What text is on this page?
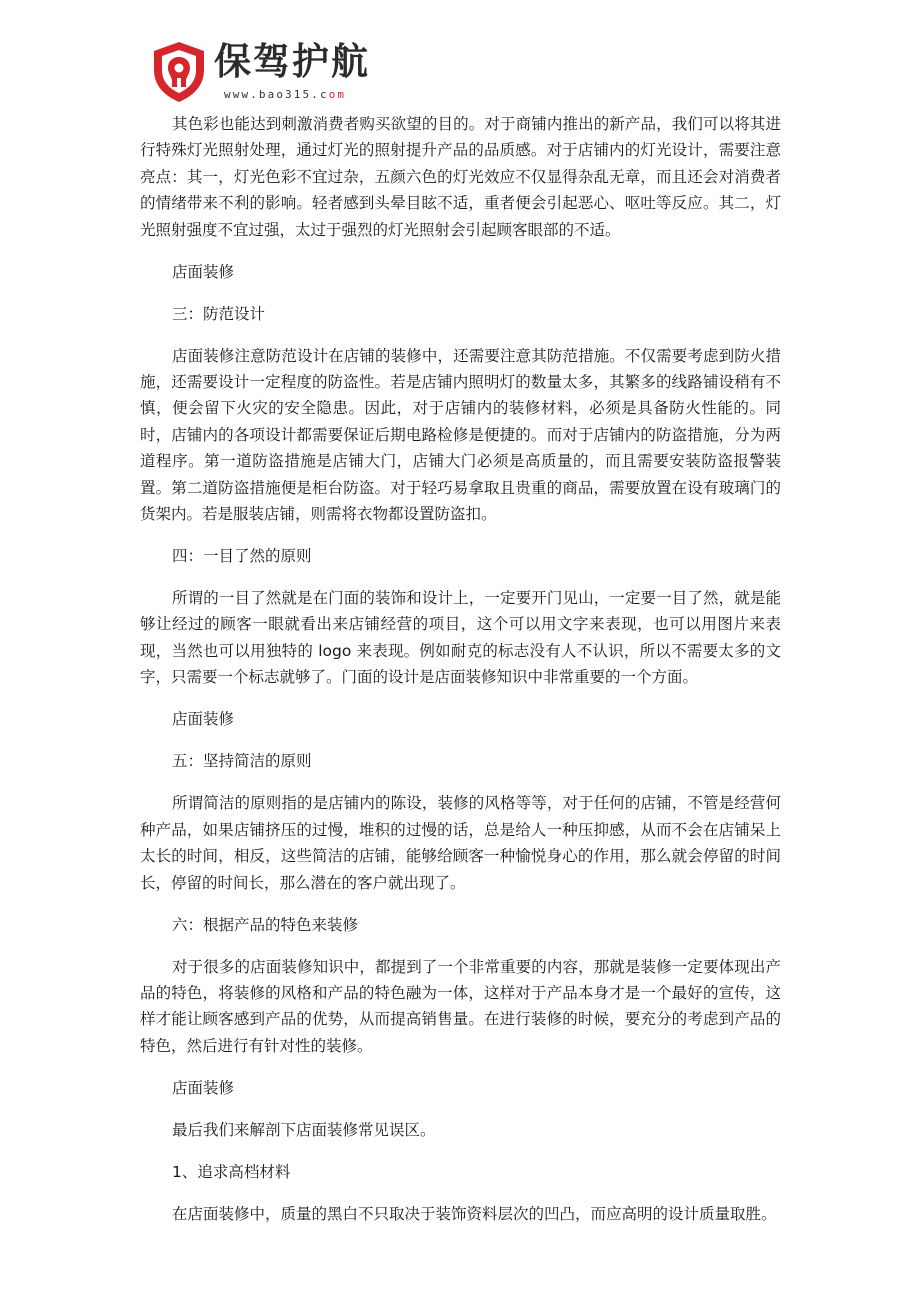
保驾护航
www.bao315.com

其色彩也能达到刺激消费者购买欲望的目的。对于商铺内推出的新产品，我们可以将其进行特殊灯光照射处理，通过灯光的照射提升产品的品质感。对于店铺内的灯光设计，需要注意亮点：其一，灯光色彩不宜过杂，五颜六色的灯光效应不仅显得杂乱无章，而且还会对消费者的情绪带来不利的影响。轻者感到头晕目眩不适，重者便会引起恶心、呕吐等反应。其二，灯光照射强度不宜过强，太过于强烈的灯光照射会引起顾客眼部的不适。

店面装修

三：防范设计

店面装修注意防范设计在店铺的装修中，还需要注意其防范措施。不仅需要考虑到防火措施，还需要设计一定程度的防盗性。若是店铺内照明灯的数量太多，其繁多的线路铺设稍有不慎，便会留下火灾的安全隐患。因此，对于店铺内的装修材料，必须是具备防火性能的。同时，店铺内的各项设计都需要保证后期电路检修是便捷的。而对于店铺内的防盗措施，分为两道程序。第一道防盗措施是店铺大门，店铺大门必须是高质量的，而且需要安装防盗报警装置。第二道防盗措施便是柜台防盗。对于轻巧易拿取且贵重的商品，需要放置在设有玻璃门的货架内。若是服装店铺，则需将衣物都设置防盗扣。

四：一目了然的原则

所谓的一目了然就是在门面的装饰和设计上，一定要开门见山，一定要一目了然，就是能够让经过的顾客一眼就看出来店铺经营的项目，这个可以用文字来表现，也可以用图片来表现，当然也可以用独特的 logo 来表现。例如耐克的标志没有人不认识，所以不需要太多的文字，只需要一个标志就够了。门面的设计是店面装修知识中非常重要的一个方面。

店面装修

五：坚持简洁的原则

所谓简洁的原则指的是店铺内的陈设，装修的风格等等，对于任何的店铺，不管是经营何种产品，如果店铺挤压的过慢，堆积的过慢的话，总是给人一种压抑感，从而不会在店铺呆上太长的时间，相反，这些简洁的店铺，能够给顾客一种愉悦身心的作用，那么就会停留的时间长，停留的时间长，那么潜在的客户就出现了。

六：根据产品的特色来装修

对于很多的店面装修知识中，都提到了一个非常重要的内容，那就是装修一定要体现出产品的特色，将装修的风格和产品的特色融为一体，这样对于产品本身才是一个最好的宣传，这样才能让顾客感到产品的优势，从而提高销售量。在进行装修的时候，要充分的考虑到产品的特色，然后进行有针对性的装修。

店面装修

最后我们来解剖下店面装修常见误区。

1、追求高档材料

在店面装修中，质量的黑白不只取决于装饰资料层次的凹凸，而应高明的设计质量取胜。
